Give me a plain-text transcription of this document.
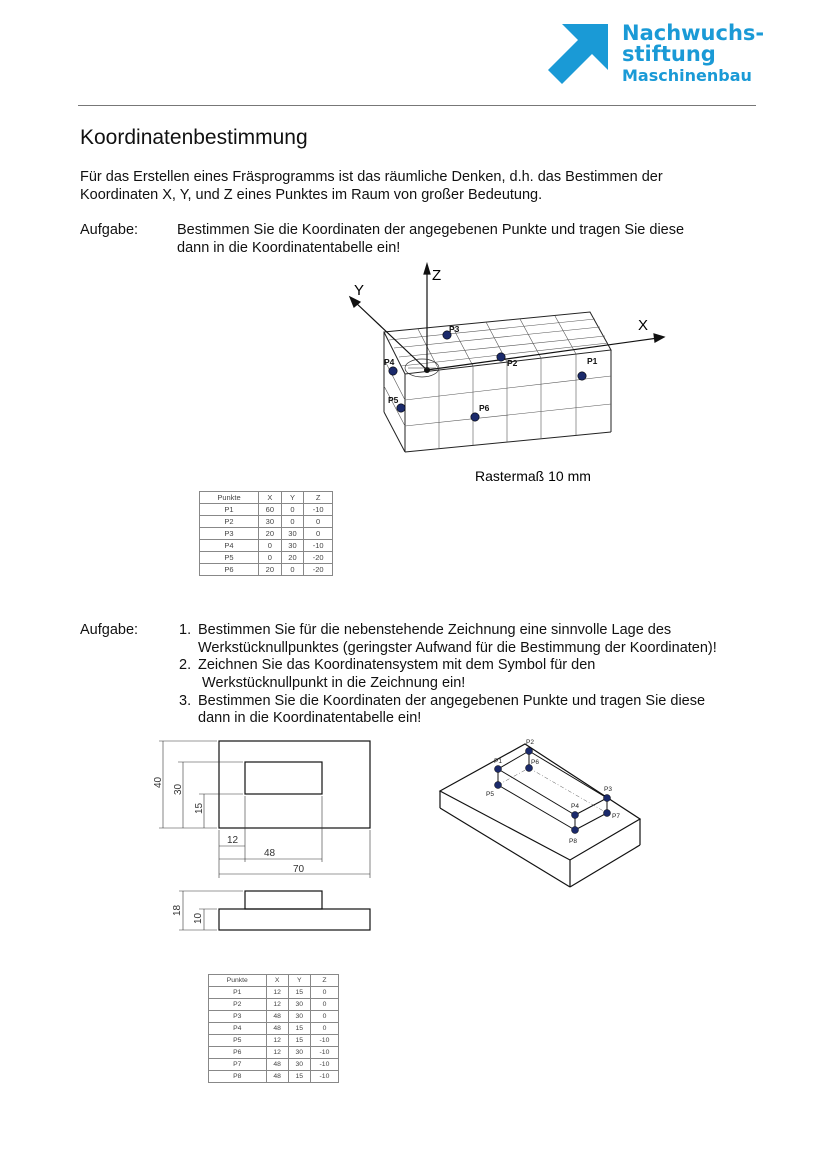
Nachwuchs-
stiftung
Maschinenbau
Koordinatenbestimmung
Für das Erstellen eines Fräsprogramms ist das räumliche Denken, d.h. das Bestimmen der
Koordinaten X, Y, und Z eines Punktes im Raum von großer Bedeutung.
Aufgabe:	Bestimmen Sie die Koordinaten der angegebenen Punkte und tragen Sie diese
dann in die Koordinatentabelle ein!
Z
Y
X
P1
P2
P3
P4
P5
P6
Rastermaß 10 mm
Punkte	X	Y	Z
P1	60	0	-10
P2	30	0	0
P3	20	30	0
P4	0	30	-10
P5	0	20	-20
P6	20	0	-20
Aufgabe:	1. Bestimmen Sie für die nebenstehende Zeichnung eine sinnvolle Lage des
Werkstücknullpunktes (geringster Aufwand für die Bestimmung der Koordinaten)!
2. Zeichnen Sie das Koordinatensystem mit dem Symbol für den
Werkstücknullpunkt in die Zeichnung ein!
3. Bestimmen Sie die Koordinaten der angegebenen Punkte und tragen Sie diese
dann in die Koordinatentabelle ein!
40
30
15
12
48
70
18
10
P1
P2
P3
P4
P5
P6
P7
P8
Punkte	X	Y	Z
P1	12	15	0
P2	12	30	0
P3	48	30	0
P4	48	15	0
P5	12	15	-10
P6	12	30	-10
P7	48	30	-10
P8	48	15	-10
